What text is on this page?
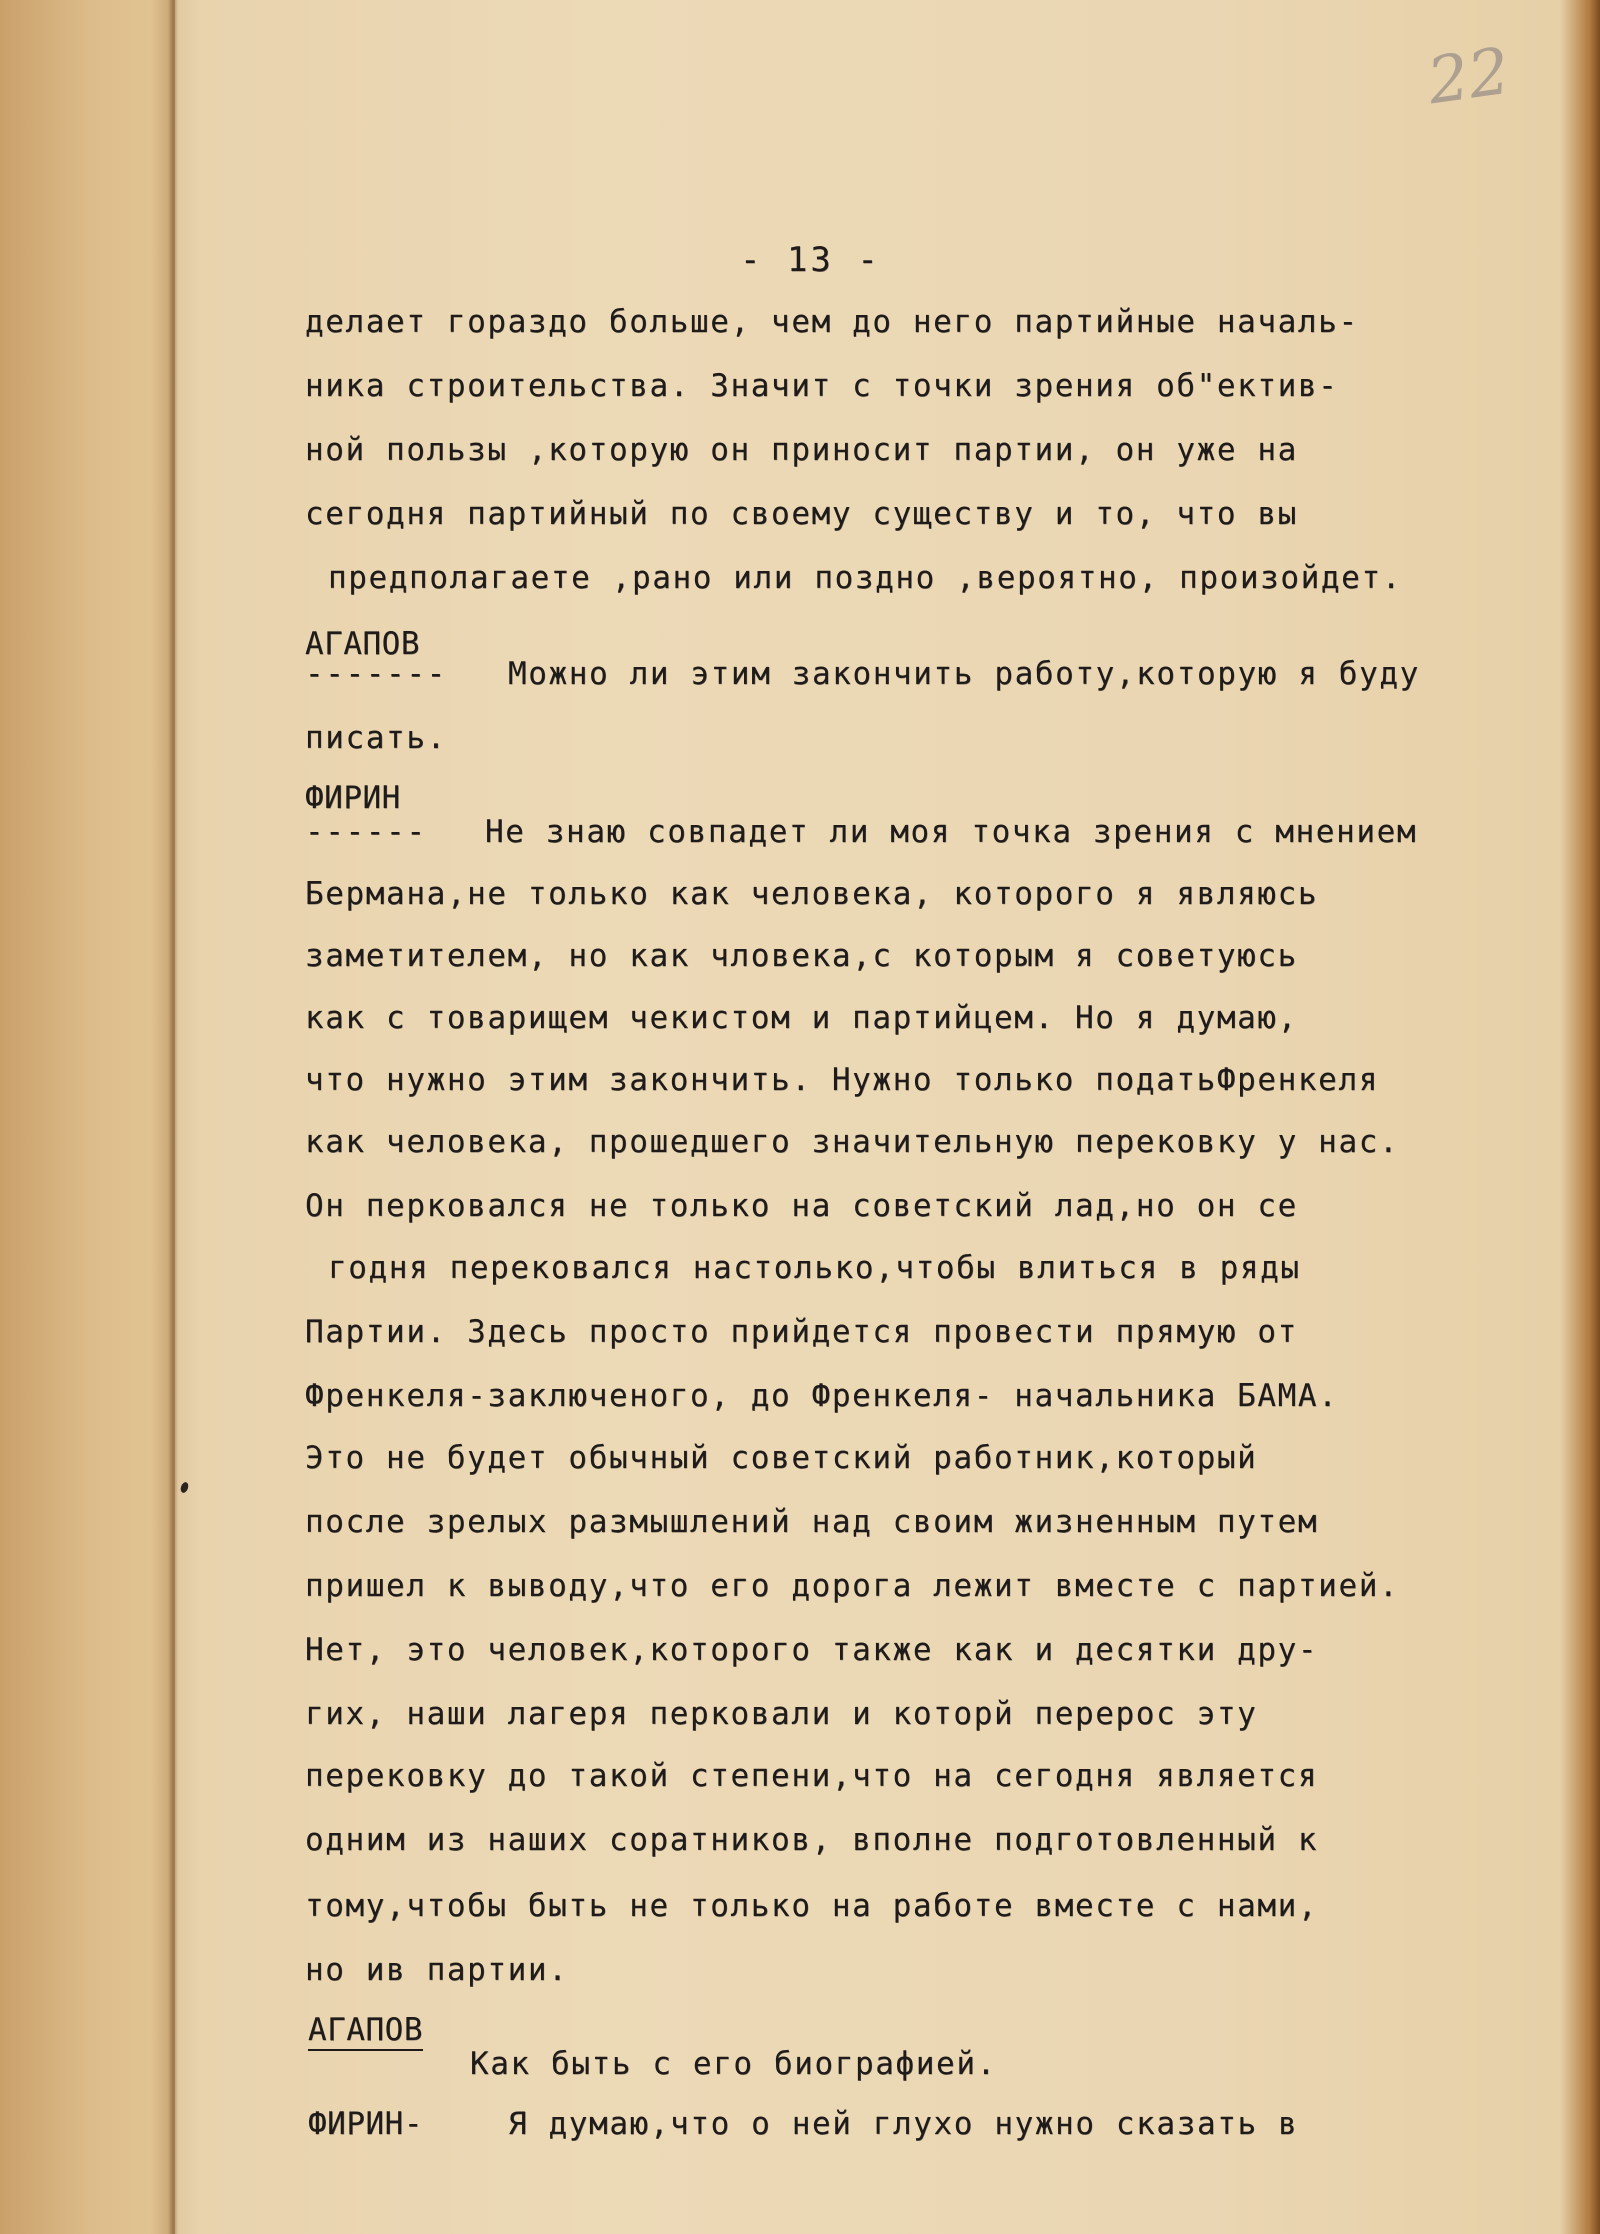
22
- 13 -
делает гораздо больше, чем до него партийные началь-
ника строительства. Значит с точки зрения об"ектив-
ной пользы ,которую он приносит партии, он уже на
сегодня партийный по своему существу и то, что вы
предполагаете ,рано или поздно ,вероятно, произойдет.
АГАПОВ
------- Можно ли этим закончить работу,которую я буду
писать.
ФИРИН
------ Не знаю совпадет ли моя точка зрения с мнением
Бермана,не только как человека, которого я являюсь
заметителем, но как чловека,с которым я советуюсь
как с товарищем чекистом и партийцем. Но я думаю,
что нужно этим закончить. Нужно только податьФренкеля
как человека, прошедшего значительную перековку у нас.
Он перковался не только на советский лад,но он се
годня перековался настолько,чтобы влиться в ряды
Партии. Здесь просто прийдется провести прямую от
Френкеля-заключеного, до Френкеля- начальника БАМА.
Это не будет обычный советский работник,который
после зрелых размышлений над своим жизненным путем
пришел к выводу,что его дорога лежит вместе с партией.
Нет, это человек,которого также как и десятки дру-
гих, наши лагеря перковали и которй перерос эту
перековку до такой степени,что на сегодня является
одним из наших соратников, вполне подготовленный к
тому,чтобы быть не только на работе вместе с нами,
но ив партии.
АГАПОВ
Как быть с его биографией.
ФИРИН-	Я думаю,что о ней глухо нужно сказать в
